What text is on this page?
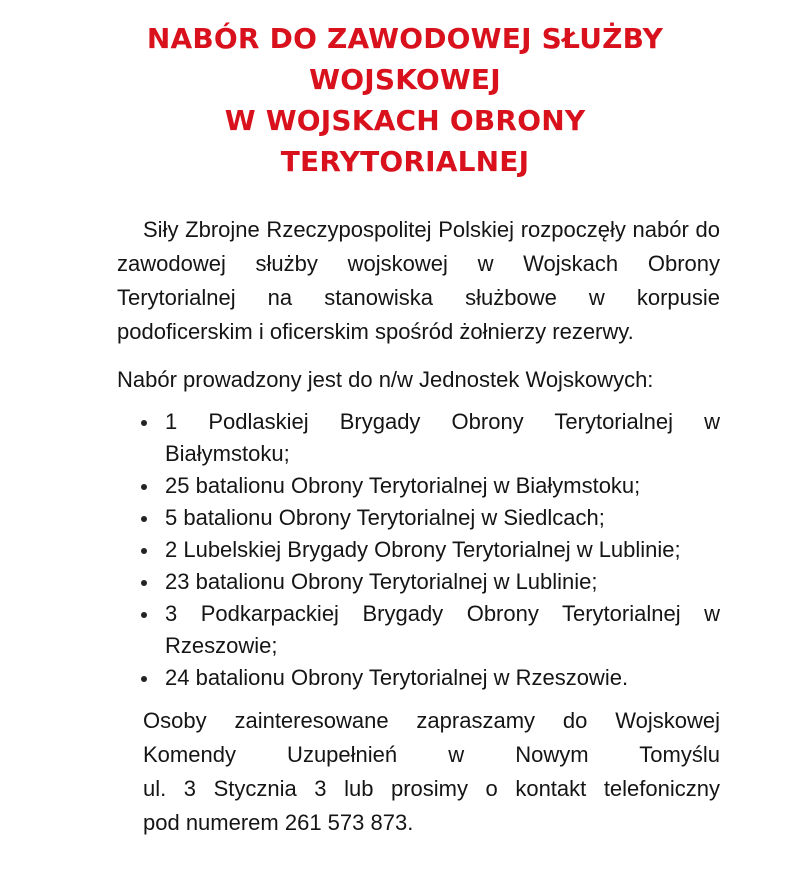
NABÓR DO ZAWODOWEJ SŁUŻBY
WOJSKOWEJ
W WOJSKACH OBRONY
TERYTORIALNEJ

Siły Zbrojne Rzeczypospolitej Polskiej rozpoczęły nabór do zawodowej służby wojskowej w Wojskach Obrony Terytorialnej na stanowiska służbowe w korpusie podoficerskim i oficerskim spośród żołnierzy rezerwy.

Nabór prowadzony jest do n/w Jednostek Wojskowych:

1 Podlaskiej Brygady Obrony Terytorialnej w Białymstoku;
25 batalionu Obrony Terytorialnej w Białymstoku;
5 batalionu Obrony Terytorialnej w Siedlcach;
2 Lubelskiej Brygady Obrony Terytorialnej w Lublinie;
23 batalionu Obrony Terytorialnej w Lublinie;
3 Podkarpackiej Brygady Obrony Terytorialnej w Rzeszowie;
24 batalionu Obrony Terytorialnej w Rzeszowie.

Osoby zainteresowane zapraszamy do Wojskowej
Komendy Uzupełnień w Nowym Tomyślu
ul. 3 Stycznia 3 lub prosimy o kontakt telefoniczny
pod numerem 261 573 873.
